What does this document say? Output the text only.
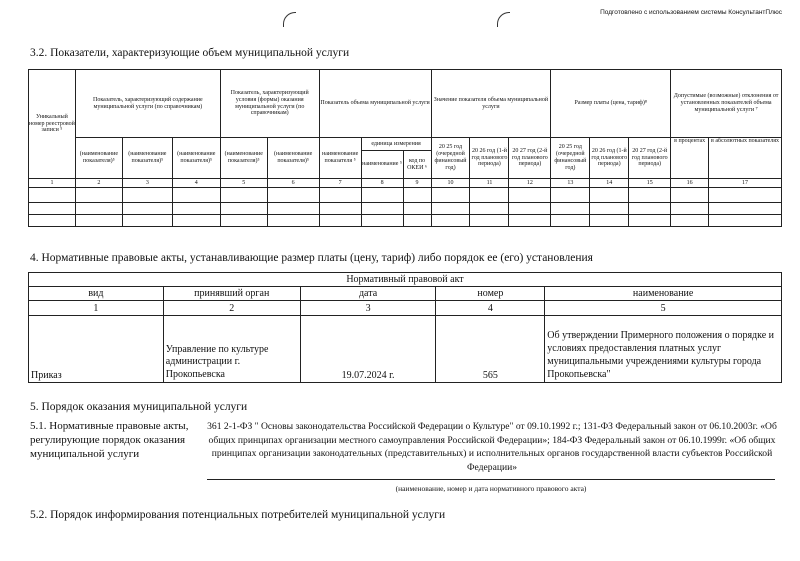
Подготовлено с использованием системы КонсультантПлюс
3.2. Показатели, характеризующие объем муниципальной услуги
Уникальный номер реестровой записи ⁵	Показатель, характеризующий содержание муниципальной услуги (по справочникам)			Показатель, характеризующий условия (формы) оказания муниципальной услуги (по справочникам)		Показатель объема муниципальной услуги			Значение показателя объема муниципальной услуги			Размер платы (цена, тариф)⁸			Допустимые (возможные) отклонения от установленных показателей объема муниципальной услуги ⁷	
	(наименование показателя)⁵	(наименование показателя)⁵	(наименование показателя)⁵	(наименование показателя)⁵	(наименование показателя)⁵	наименование показателя ⁵	единица измерения		20 25 год (очередной финансовый год)	20 26 год (1-й год планового периода)	20 27 год (2-й год планового периода)	20 25 год (очередной финансовый год)	20 26 год (1-й год планового периода)	20 27 год (2-й год планового периода)	в процентах	в абсолютных показателях
							наименование ⁵	код по ОКЕИ ⁶								
1	2	3	4	5	6	7	8	9	10	11	12	13	14	15	16	17

4. Нормативные правовые акты, устанавливающие размер платы (цену, тариф) либо порядок ее (его) установления
Нормативный правовой акт				
вид	принявший орган	дата	номер	наименование
1	2	3	4	5
Приказ	Управление по культуре администрации г. Прокопьевска	19.07.2024 г.	565	Об утверждении Примерного положения о порядке и условиях предоставления платных услуг муниципальными учреждениями культуры города Прокопьевска"
5. Порядок оказания муниципальной услуги
5.1. Нормативные правовые акты, регулирующие порядок оказания муниципальной услуги
361 2-1-ФЗ " Основы законодательства Российской Федерации о Культуре" от 09.10.1992 г.; 131-ФЗ Федеральный закон от 06.10.2003г. «Об общих принципах организации местного самоуправления Российской Федерации»; 184-ФЗ Федеральный закон от 06.10.1999г. «Об общих принципах организации законодательных (представительных) и исполнительных органов государственной власти субъектов Российской Федерации»
(наименование, номер и дата нормативного правового акта)
5.2. Порядок информирования потенциальных потребителей муниципальной услуги
